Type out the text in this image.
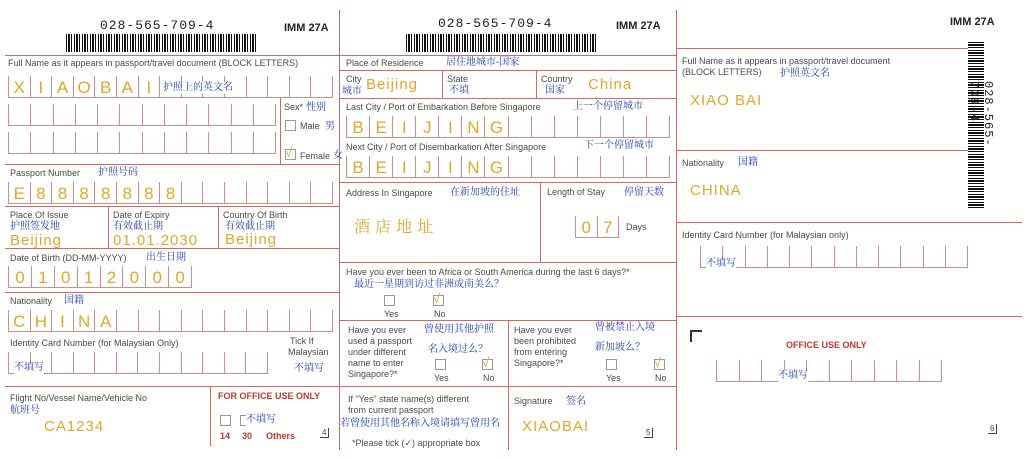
028-565-709-4	IMM 27A	028-565-709-4	IMM 27A	IMM 27A
028-565-709-4
Full Name as it appears in passport/travel document (BLOCK LETTERS)
X I A O B A I	护照上的英文名
Sex* 性别
Male 男
√ Female 女
Passport Number 护照号码
E 8 8 8 8 8 8 8
Place Of Issue
护照签发地
Beijing
Date of Expiry
有效截止期
01.01.2030
Country Of Birth
有效截止期
Beijing
Date of Birth (DD-MM-YYYY) 出生日期
0 1 0 1 2 0 0 0
Nationality 国籍
C H I N A
Identity Card Number (for Malaysian Only)
不填写
Tick If
Malaysian
不填写
Flight No/Vessel Name/Vehicle No
航班号
CA1234
FOR OFFICE USE ONLY
不填写
14 30 Others	4
Place of Residence 居住地城市-国家
City
城市 Beijing	State
不填
Country
国家 China
Last City / Port of Embarkation Before Singapore	上一个停留城市
B E I J I N G
Next City / Port of Disembarkation After Singapore	下一个停留城市
B E I J I N G
Address In Singapore 在新加坡的住址
酒 店 地 址
Length of Stay 停留天数
0 7	Days
Have you ever been to Africa or South America during the last 6 days?*
最近一星期到访过非洲或南美么？
√
Yes	No
Have you ever used a passport under different name to enter Singapore?*
曾使用其他护照
名入境过么？
√
Yes	No
Have you ever been prohibited from entering Singapore?*
曾被禁止入境
新加坡么？
√
Yes	No
If "Yes" state name(s) different from current passport
若曾使用其他名称入境请填写曾用名
*Please tick (✓) appropriate box
Signature 签名
XIAOBAI	5
Full Name as it appears in passport/travel document
(BLOCK LETTERS) 护照英文名
XIAO BAI
Nationality 国籍
CHINA
Identity Card Number (for Malaysian only)
不填写
OFFICE USE ONLY
不填写
6
